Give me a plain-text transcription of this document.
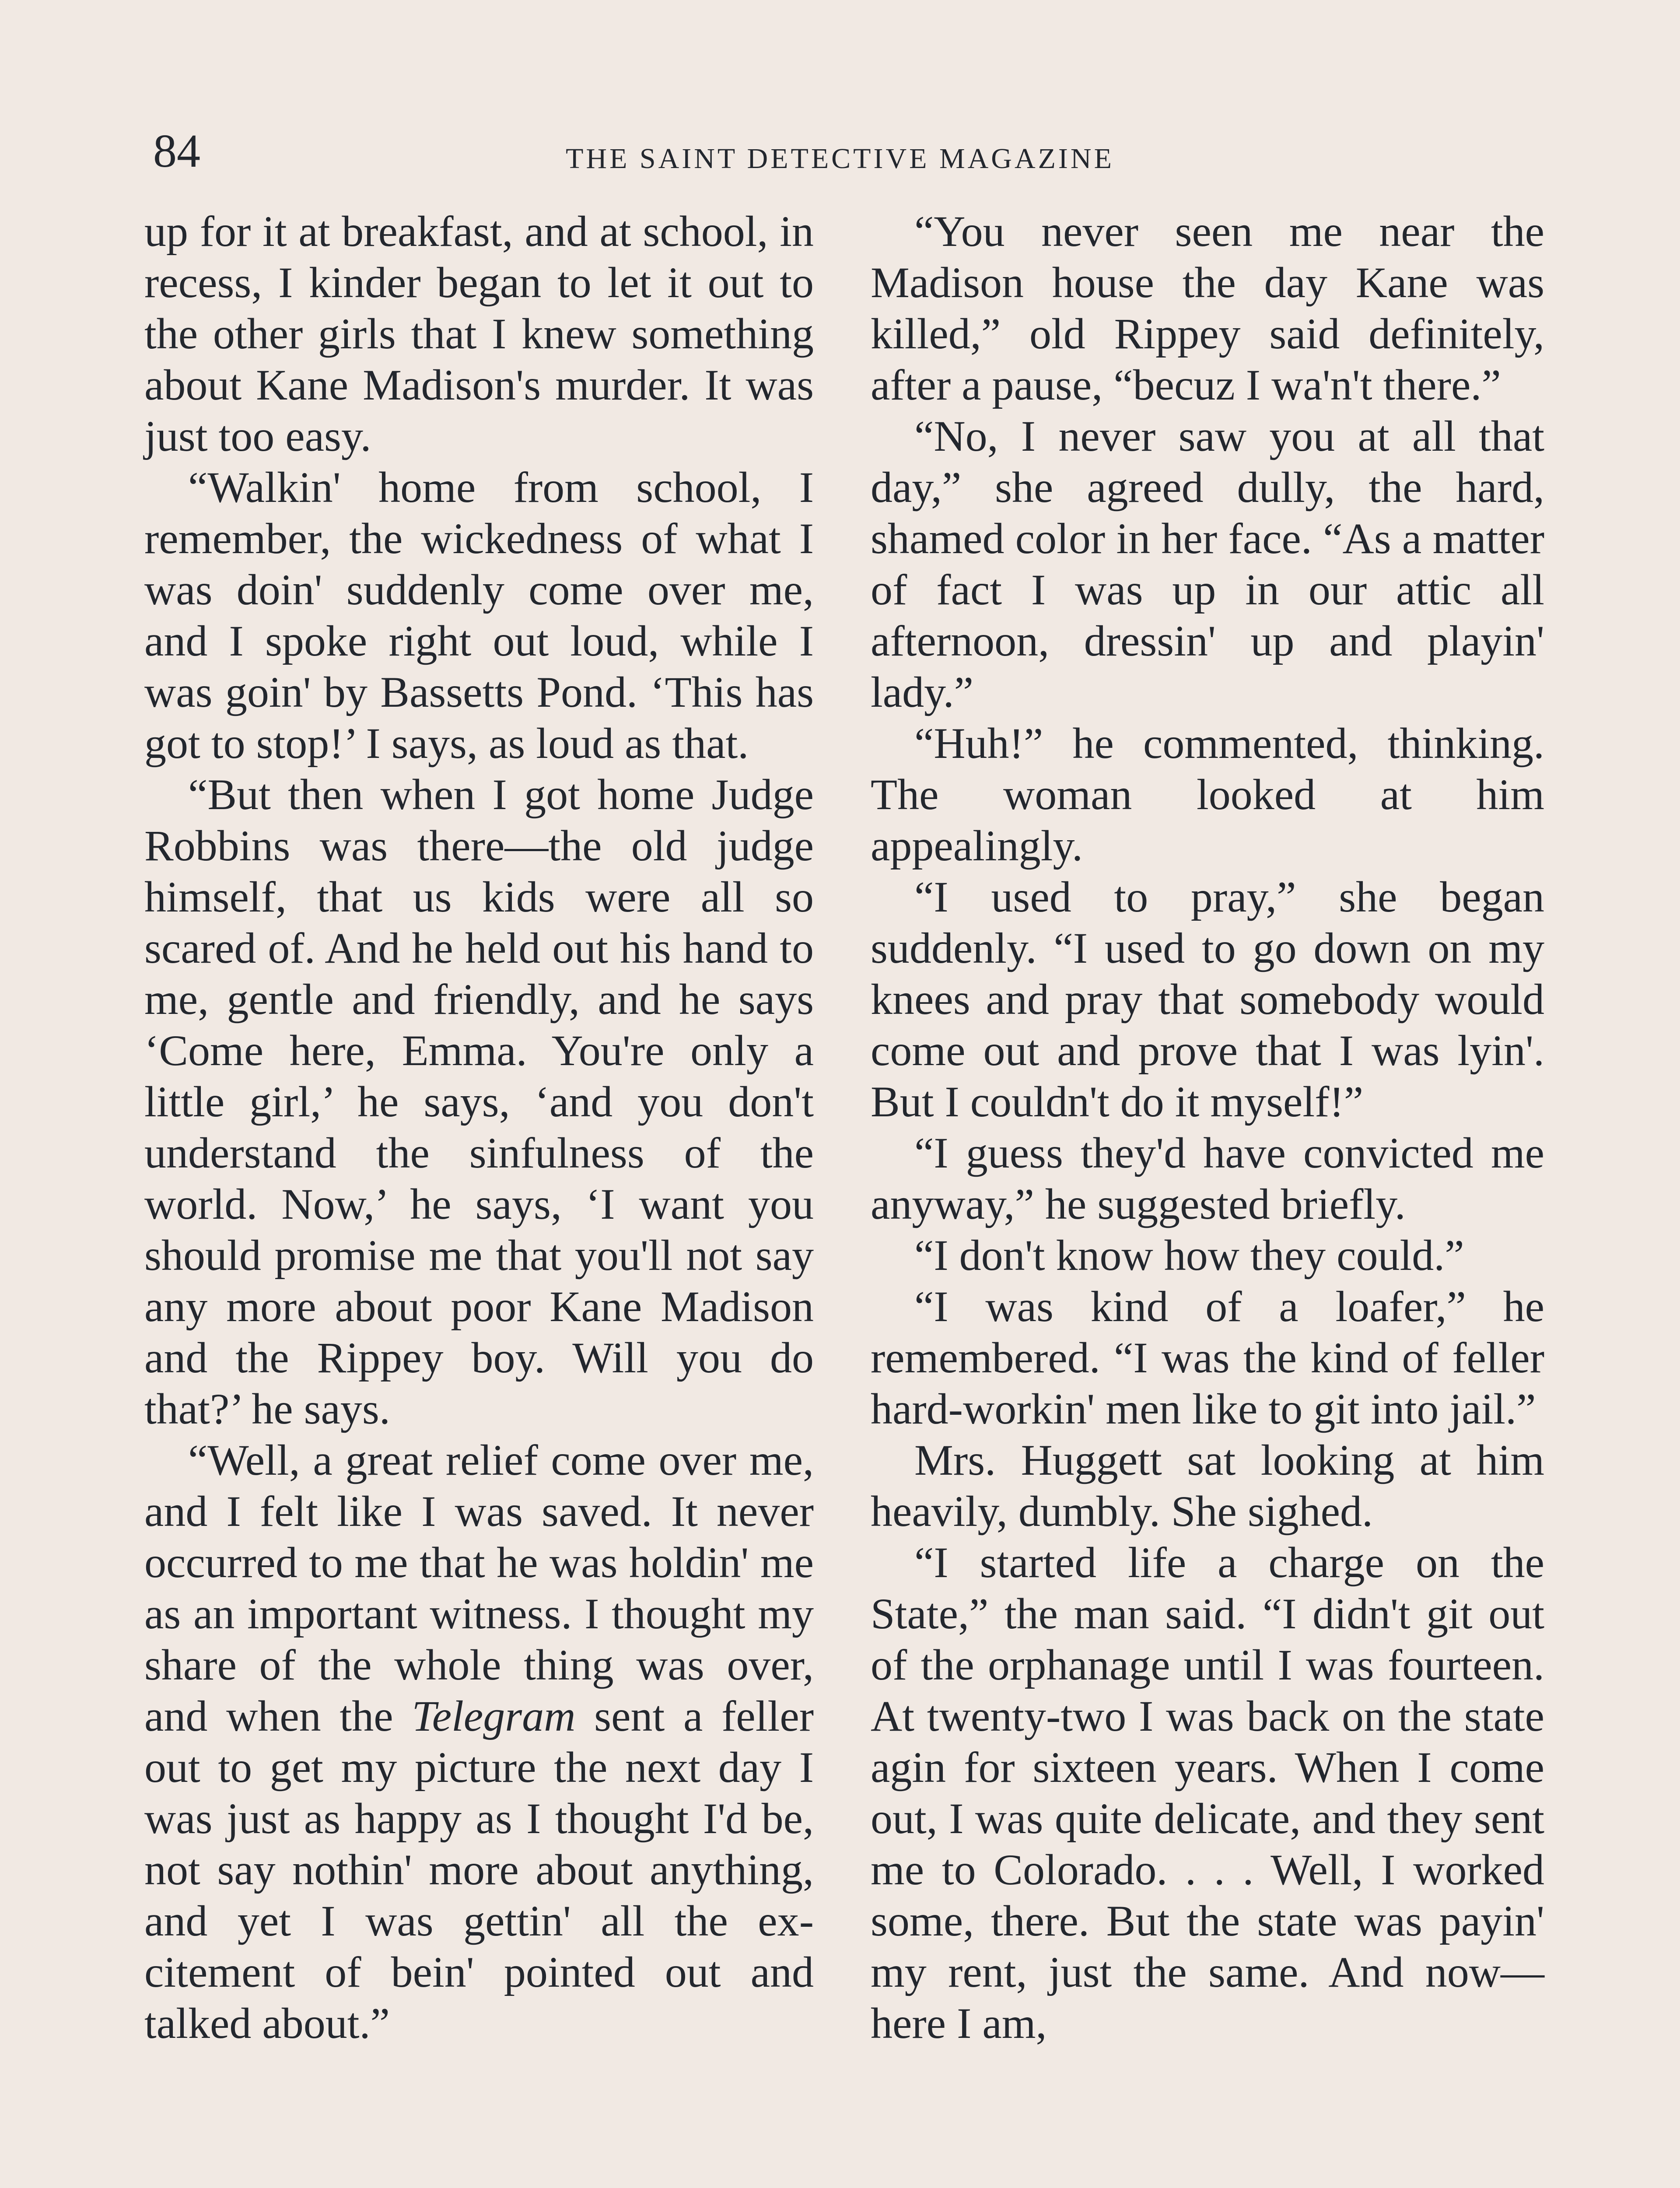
84	THE SAINT DETECTIVE MAGAZINE

up for it at breakfast, and at school, in recess, I kinder began to let it out to the other girls that I knew something about Kane Madison's murder. It was just too easy.

“Walkin' home from school, I remember, the wickedness of what I was doin' suddenly come over me, and I spoke right out loud, while I was goin' by Bassetts Pond. ‘This has got to stop!’ I says, as loud as that.

“But then when I got home Judge Robbins was there—the old judge himself, that us kids were all so scared of. And he held out his hand to me, gentle and friendly, and he says ‘Come here, Emma. You're only a little girl,’ he says, ‘and you don't understand the sinfulness of the world. Now,’ he says, ‘I want you should promise me that you'll not say any more about poor Kane Madison and the Rippey boy. Will you do that?’ he says.

“Well, a great relief come over me, and I felt like I was saved. It never occurred to me that he was holdin' me as an important witness. I thought my share of the whole thing was over, and when the Telegram sent a feller out to get my picture the next day I was just as happy as I thought I'd be, not say nothin' more about anything, and yet I was gettin' all the excitement of bein' pointed out and talked about.”

“You never seen me near the Madison house the day Kane was killed,” old Rippey said definitely, after a pause, “becuz I wa'n't there.”

“No, I never saw you at all that day,” she agreed dully, the hard, shamed color in her face. “As a matter of fact I was up in our attic all afternoon, dressin' up and playin' lady.”

“Huh!” he commented, thinking. The woman looked at him appealingly.

“I used to pray,” she began suddenly. “I used to go down on my knees and pray that somebody would come out and prove that I was lyin'. But I couldn't do it myself!”

“I guess they'd have convicted me anyway,” he suggested briefly.

“I don't know how they could.”

“I was kind of a loafer,” he remembered. “I was the kind of feller hard-workin' men like to git into jail.”

Mrs. Huggett sat looking at him heavily, dumbly. She sighed.

“I started life a charge on the State,” the man said. “I didn't git out of the orphanage until I was fourteen. At twenty-two I was back on the state agin for sixteen years. When I come out, I was quite delicate, and they sent me to Colorado. . . . Well, I worked some, there. But the state was payin' my rent, just the same. And now—here I am,
